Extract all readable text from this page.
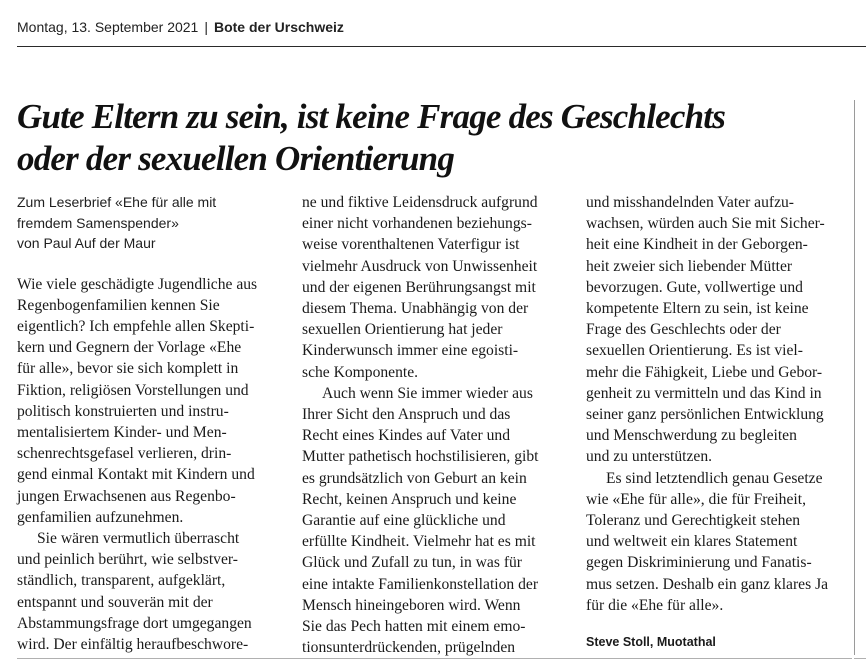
Montag, 13. September 2021 | Bote der Urschweiz
Gute Eltern zu sein, ist keine Frage des Geschlechts
oder der sexuellen Orientierung
Zum Leserbrief «Ehe für alle mit
fremdem Samenspender»
von Paul Auf der Maur
Wie viele geschädigte Jugendliche aus
Regenbogenfamilien kennen Sie
eigentlich? Ich empfehle allen Skepti-
kern und Gegnern der Vorlage «Ehe
für alle», bevor sie sich komplett in
Fiktion, religiösen Vorstellungen und
politisch konstruierten und instru-
mentalisiertem Kinder- und Men-
schenrechtsgefasel verlieren, drin-
gend einmal Kontakt mit Kindern und
jungen Erwachsenen aus Regenbo-
genfamilien aufzunehmen.
Sie wären vermutlich überrascht
und peinlich berührt, wie selbstver-
ständlich, transparent, aufgeklärt,
entspannt und souverän mit der
Abstammungsfrage dort umgegangen
wird. Der einfältig heraufbeschwore-
ne und fiktive Leidensdruck aufgrund
einer nicht vorhandenen beziehungs-
weise vorenthaltenen Vaterfigur ist
vielmehr Ausdruck von Unwissenheit
und der eigenen Berührungsangst mit
diesem Thema. Unabhängig von der
sexuellen Orientierung hat jeder
Kinderwunsch immer eine egoisti-
sche Komponente.
Auch wenn Sie immer wieder aus
Ihrer Sicht den Anspruch und das
Recht eines Kindes auf Vater und
Mutter pathetisch hochstilisieren, gibt
es grundsätzlich von Geburt an kein
Recht, keinen Anspruch und keine
Garantie auf eine glückliche und
erfüllte Kindheit. Vielmehr hat es mit
Glück und Zufall zu tun, in was für
eine intakte Familienkonstellation der
Mensch hineingeboren wird. Wenn
Sie das Pech hatten mit einem emo-
tionsunterdrückenden, prügelnden
und misshandelnden Vater aufzu-
wachsen, würden auch Sie mit Sicher-
heit eine Kindheit in der Geborgen-
heit zweier sich liebender Mütter
bevorzugen. Gute, vollwertige und
kompetente Eltern zu sein, ist keine
Frage des Geschlechts oder der
sexuellen Orientierung. Es ist viel-
mehr die Fähigkeit, Liebe und Gebor-
genheit zu vermitteln und das Kind in
seiner ganz persönlichen Entwicklung
und Menschwerdung zu begleiten
und zu unterstützen.
Es sind letztendlich genau Gesetze
wie «Ehe für alle», die für Freiheit,
Toleranz und Gerechtigkeit stehen
und weltweit ein klares Statement
gegen Diskriminierung und Fanatis-
mus setzen. Deshalb ein ganz klares Ja
für die «Ehe für alle».
Steve Stoll, Muotathal
